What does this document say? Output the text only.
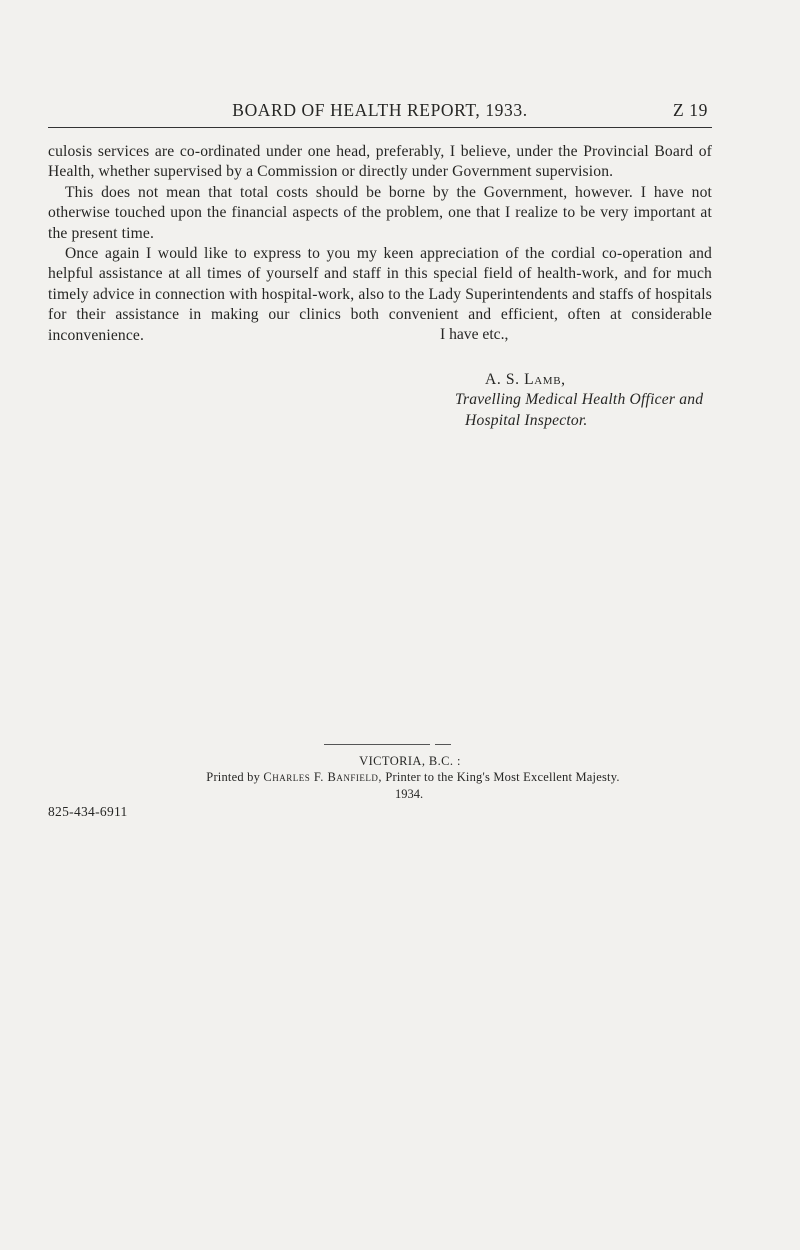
BOARD OF HEALTH REPORT, 1933.	Z 19

culosis services are co-ordinated under one head, preferably, I believe, under the Provincial Board of Health, whether supervised by a Commission or directly under Government supervision.

This does not mean that total costs should be borne by the Government, however. I have not otherwise touched upon the financial aspects of the problem, one that I realize to be very important at the present time.

Once again I would like to express to you my keen appreciation of the cordial co-operation and helpful assistance at all times of yourself and staff in this special field of health-work, and for much timely advice in connection with hospital-work, also to the Lady Superintendents and staffs of hospitals for their assistance in making our clinics both convenient and efficient, often at considerable inconvenience.	I have etc.,
A. S. Lamb,
Travelling Medical Health Officer and
Hospital Inspector.
VICTORIA, B.C. :
Printed by Charles F. Banfield, Printer to the King's Most Excellent Majesty.
1934.
825-434-6911
